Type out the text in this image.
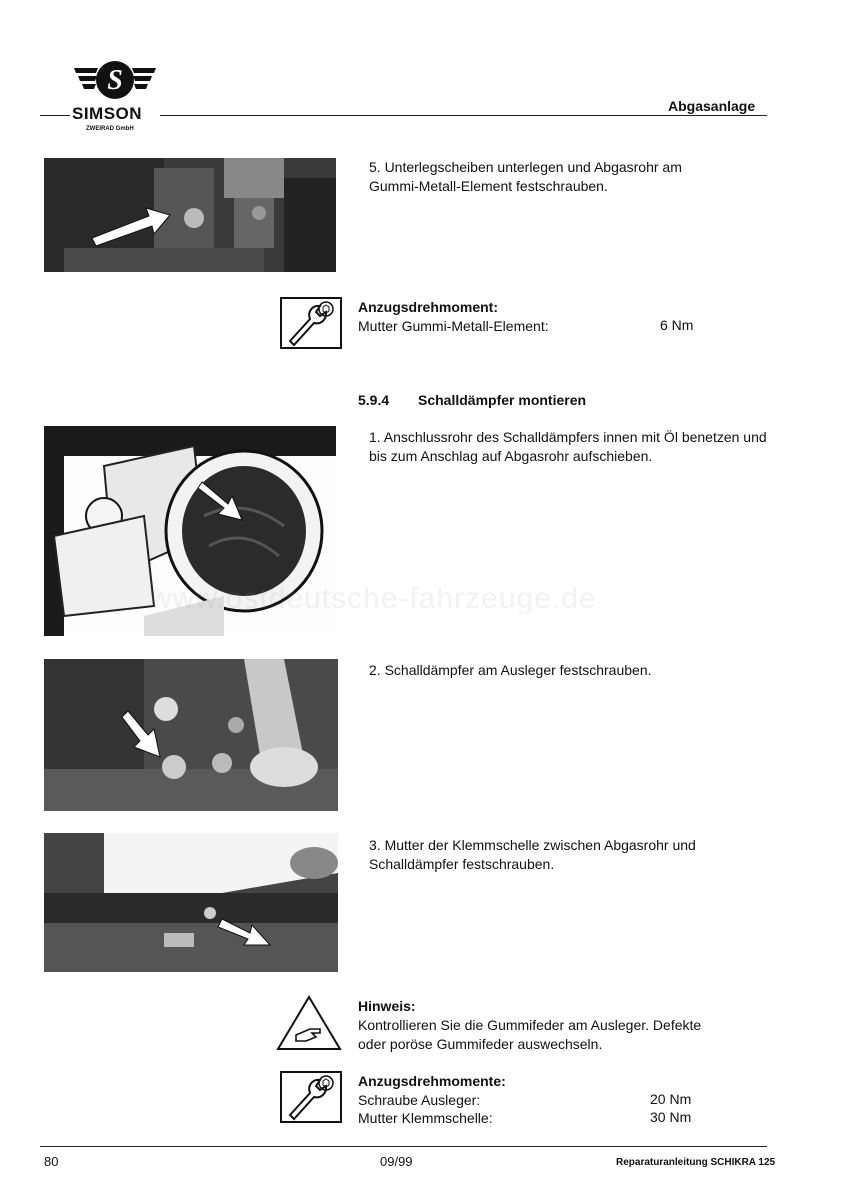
S
SIMSON
ZWEIRAD GmbH
Abgasanlage
5. Unterlegscheiben unterlegen und Abgasrohr am Gummi-Metall-Element festschrauben.
Anzugsdrehmoment:
Mutter Gummi-Metall-Element:	6 Nm
5.9.4 Schalldämpfer montieren
1. Anschlussrohr des Schalldämpfers innen mit Öl benetzen und bis zum Anschlag auf Abgasrohr aufschieben.
2. Schalldämpfer am Ausleger festschrauben.
3. Mutter der Klemmschelle zwischen Abgasrohr und Schalldämpfer festschrauben.
Hinweis:
Kontrollieren Sie die Gummifeder am Ausleger. Defekte
oder poröse Gummifeder auswechseln.
Anzugsdrehmomente:
Schraube Ausleger:	20 Nm
Mutter Klemmschelle:	30 Nm
www.ostdeutsche-fahrzeuge.de
80	09/99	Reparaturanleitung SCHIKRA 125
